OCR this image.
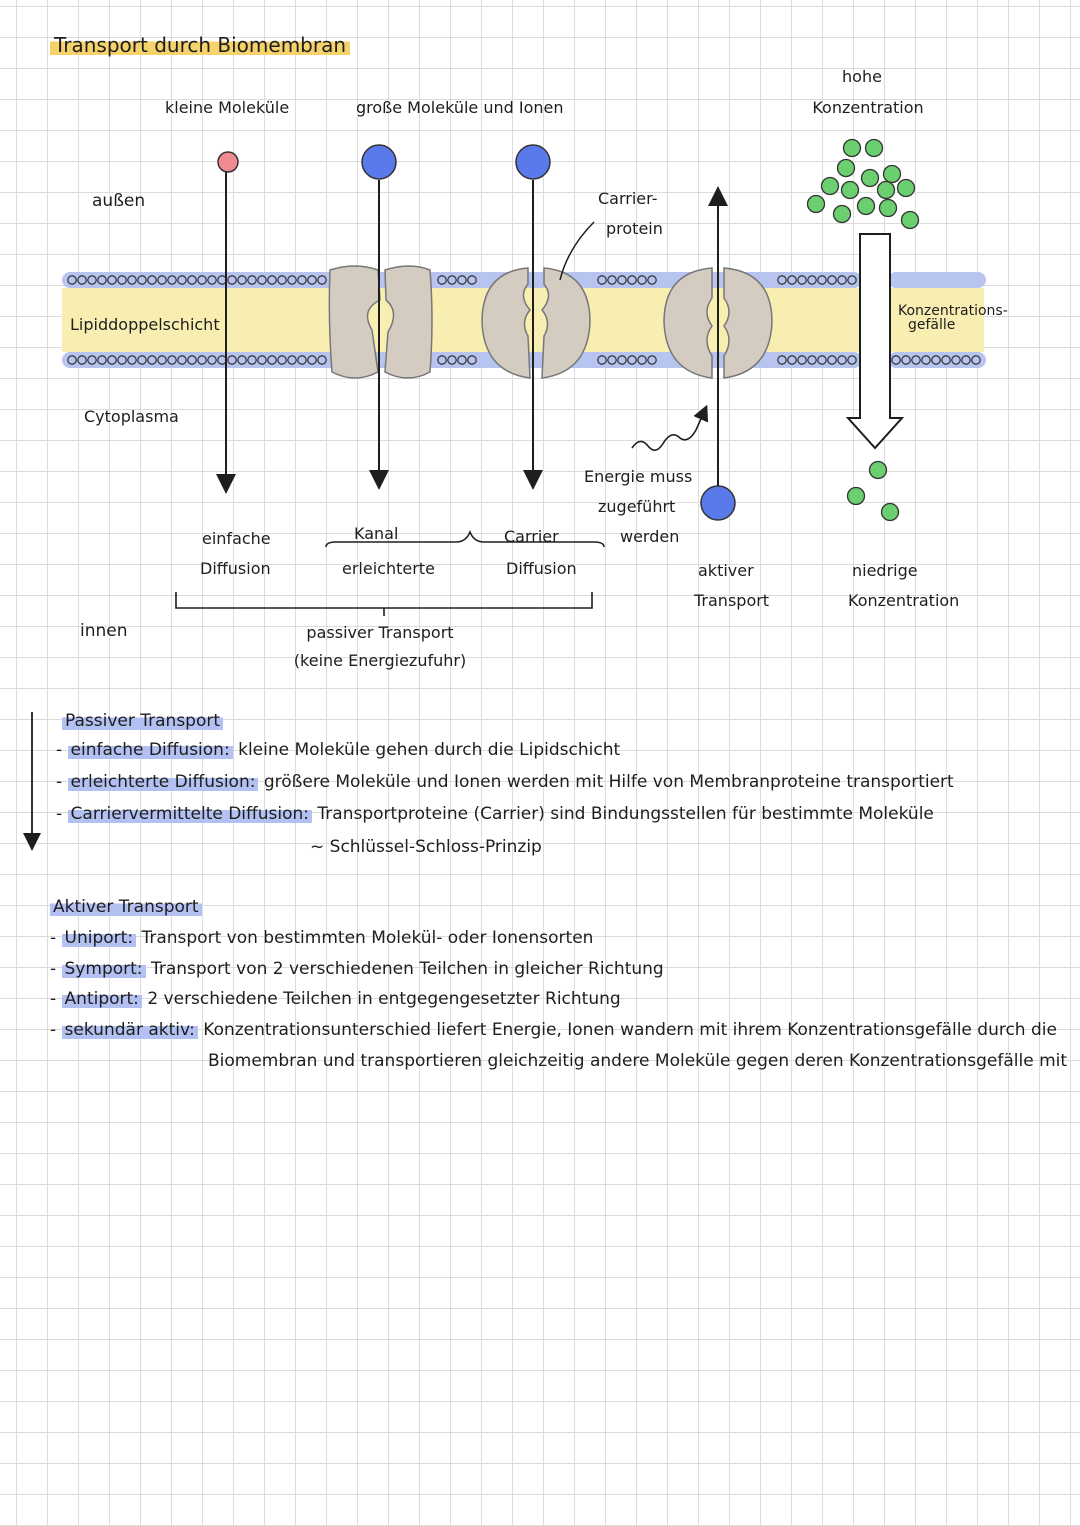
Transport durch Biomembran
kleine Moleküle	große Moleküle und Ionen
hohe
Konzentration
außen	Carrier-
protein
Lipiddoppelschicht
Konzentrations-
gefälle
Cytoplasma
Energie muss
zugeführt
werden
einfache
Diffusion
Kanal	Carrier
erleichterte	Diffusion	aktiver
Transport
niedrige
Konzentration
innen	passiver Transport
(keine Energiezufuhr)
Passiver Transport
- einfache Diffusion: kleine Moleküle gehen durch die Lipidschicht
- erleichterte Diffusion: größere Moleküle und Ionen werden mit Hilfe von Membranproteine transportiert
- Carriervermittelte Diffusion: Transportproteine (Carrier) sind Bindungsstellen für bestimmte Moleküle
~ Schlüssel-Schloss-Prinzip
Aktiver Transport
- Uniport: Transport von bestimmten Molekül- oder Ionensorten
- Symport: Transport von 2 verschiedenen Teilchen in gleicher Richtung
- Antiport: 2 verschiedene Teilchen in entgegengesetzter Richtung
- sekundär aktiv: Konzentrationsunterschied liefert Energie, Ionen wandern mit ihrem Konzentrationsgefälle durch die
Biomembran und transportieren gleichzeitig andere Moleküle gegen deren Konzentrationsgefälle mit
